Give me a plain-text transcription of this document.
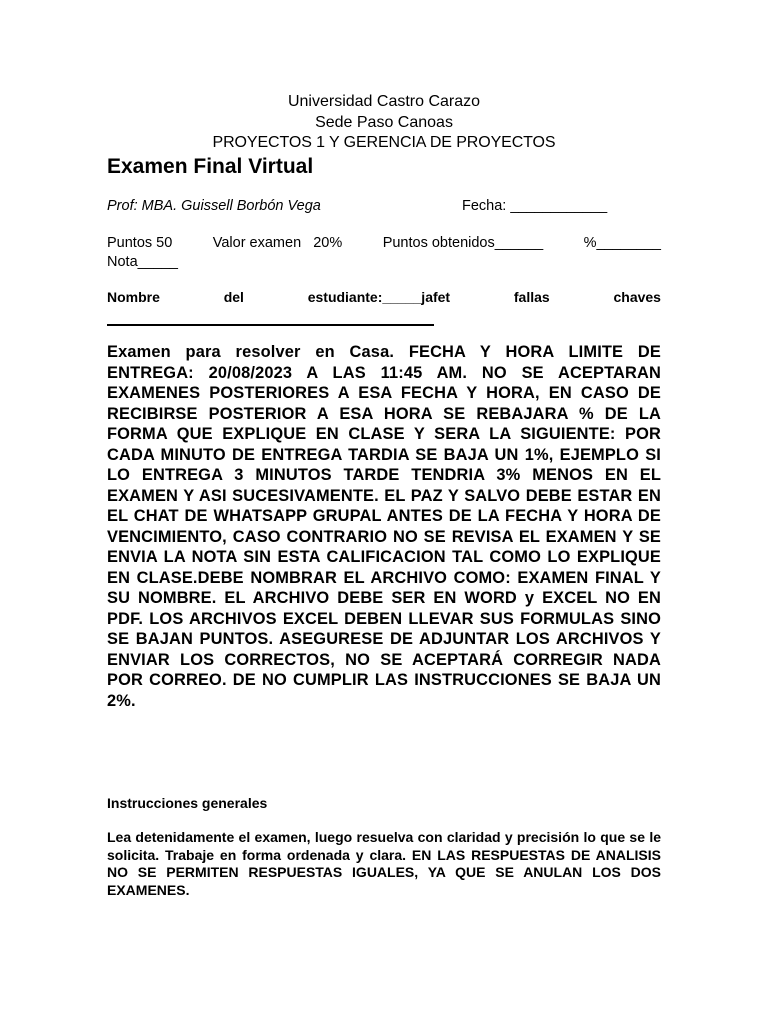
Universidad Castro Carazo
Sede Paso Canoas
PROYECTOS 1 Y GERENCIA DE PROYECTOS
Examen Final Virtual
Prof: MBA. Guissell Borbón Vega	Fecha: ____________
Puntos 50	Valor examen   20%	Puntos obtenidos______	%________
Nota_____
Nombre	del	estudiante:_____jafet	fallas	chaves
Examen para resolver en Casa. FECHA Y HORA LIMITE DE ENTREGA: 20/08/2023 A LAS 11:45 AM. NO SE ACEPTARAN EXAMENES POSTERIORES A ESA FECHA Y HORA, EN CASO DE RECIBIRSE POSTERIOR A ESA HORA SE REBAJARA % DE LA FORMA QUE EXPLIQUE EN CLASE Y SERA LA SIGUIENTE: POR CADA MINUTO DE ENTREGA TARDIA SE BAJA UN 1%, EJEMPLO SI LO ENTREGA 3 MINUTOS TARDE TENDRIA 3% MENOS EN EL EXAMEN Y ASI SUCESIVAMENTE. EL PAZ Y SALVO DEBE ESTAR EN EL CHAT DE WHATSAPP GRUPAL ANTES DE LA FECHA Y HORA DE VENCIMIENTO, CASO CONTRARIO NO SE REVISA EL EXAMEN Y SE ENVIA LA NOTA SIN ESTA CALIFICACION TAL COMO LO EXPLIQUE EN CLASE.DEBE NOMBRAR EL ARCHIVO COMO: EXAMEN FINAL Y SU NOMBRE. EL ARCHIVO DEBE SER EN WORD y EXCEL NO EN PDF. LOS ARCHIVOS EXCEL DEBEN LLEVAR SUS FORMULAS SINO SE BAJAN PUNTOS. ASEGURESE DE ADJUNTAR LOS ARCHIVOS Y ENVIAR LOS CORRECTOS, NO SE ACEPTARÁ CORREGIR NADA POR CORREO. DE NO CUMPLIR LAS INSTRUCCIONES SE BAJA UN 2%.
Instrucciones generales
Lea detenidamente el examen, luego resuelva con claridad y precisión lo que se le solicita. Trabaje en forma ordenada y clara. EN LAS RESPUESTAS DE ANALISIS NO SE PERMITEN RESPUESTAS IGUALES, YA QUE SE ANULAN LOS DOS EXAMENES.
